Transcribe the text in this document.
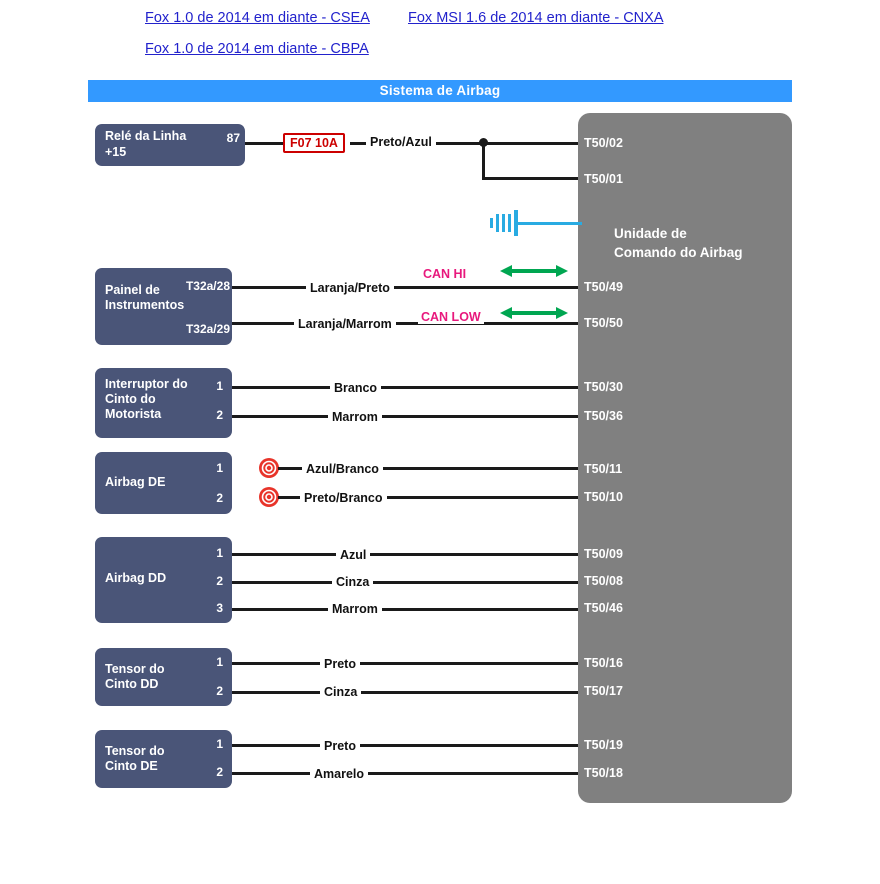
Fox 1.0 de 2014 em diante - CSEA	Fox MSI 1.6 de 2014 em diante - CNXA
Fox 1.0 de 2014 em diante - CBPA
Sistema de Airbag
Unidade de
Comando do Airbag
Relé da Linha
+15
87	F07 10A	Preto/Azul	T50/02
T50/01
Painel de
Instrumentos
T32a/28
T32a/29
Laranja/Preto
CAN HI
T50/49
Laranja/Marrom	CAN LOW	T50/50
Interruptor do
Cinto do
Motorista
1
2
Branco	T50/30
Marrom	T50/36
Airbag DE
1
2
Azul/Branco	T50/11
Preto/Branco	T50/10
Airbag DD
1
2
3
Azul	T50/09
Cinza	T50/08
Marrom	T50/46
Tensor do
Cinto DD
1
2
Preto	T50/16
Cinza	T50/17
Tensor do
Cinto DE
1
2
Preto	T50/19
Amarelo	T50/18
